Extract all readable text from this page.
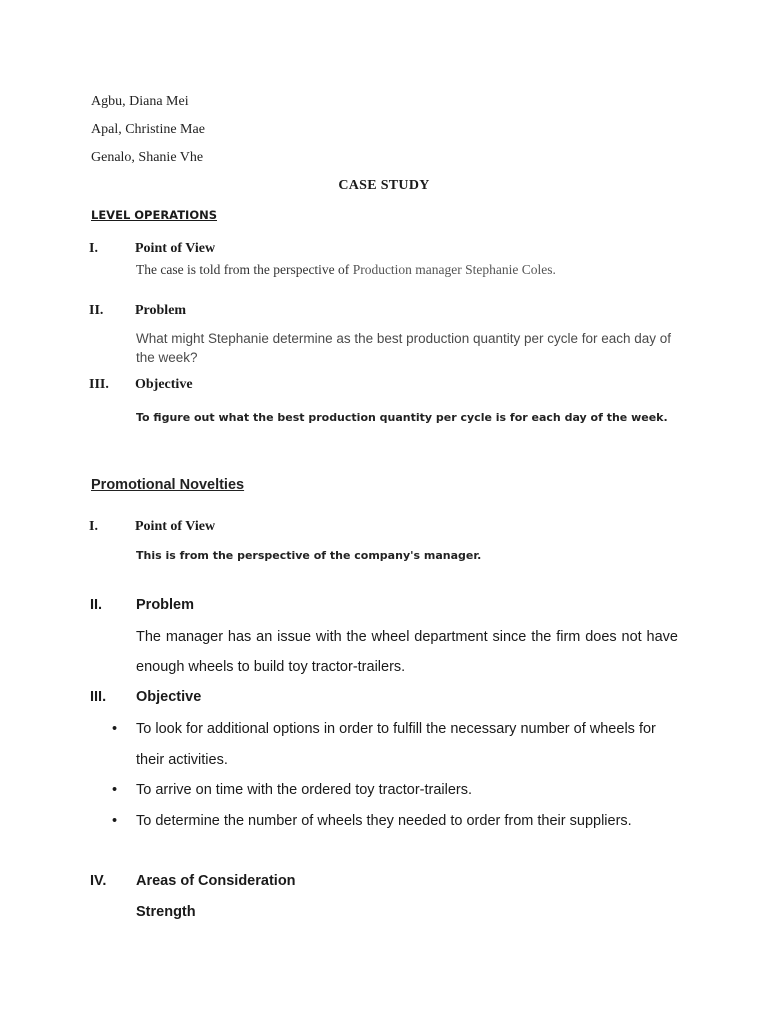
Agbu, Diana Mei
Apal, Christine Mae
Genalo, Shanie Vhe
CASE STUDY
LEVEL OPERATIONS
I.	Point of View
The case is told from the perspective of Production manager Stephanie Coles.
II. Problem
What might Stephanie determine as the best production quantity per cycle for each day of the week?
III. Objective
To figure out what the best production quantity per cycle is for each day of the week.
Promotional Novelties
I.	Point of View
This is from the perspective of the company's manager.
II. Problem
The manager has an issue with the wheel department since the firm does not have enough wheels to build toy tractor-trailers.
III. Objective
• To look for additional options in order to fulfill the necessary number of wheels for their activities.
• To arrive on time with the ordered toy tractor-trailers.
• To determine the number of wheels they needed to order from their suppliers.
IV. Areas of Consideration
Strength
